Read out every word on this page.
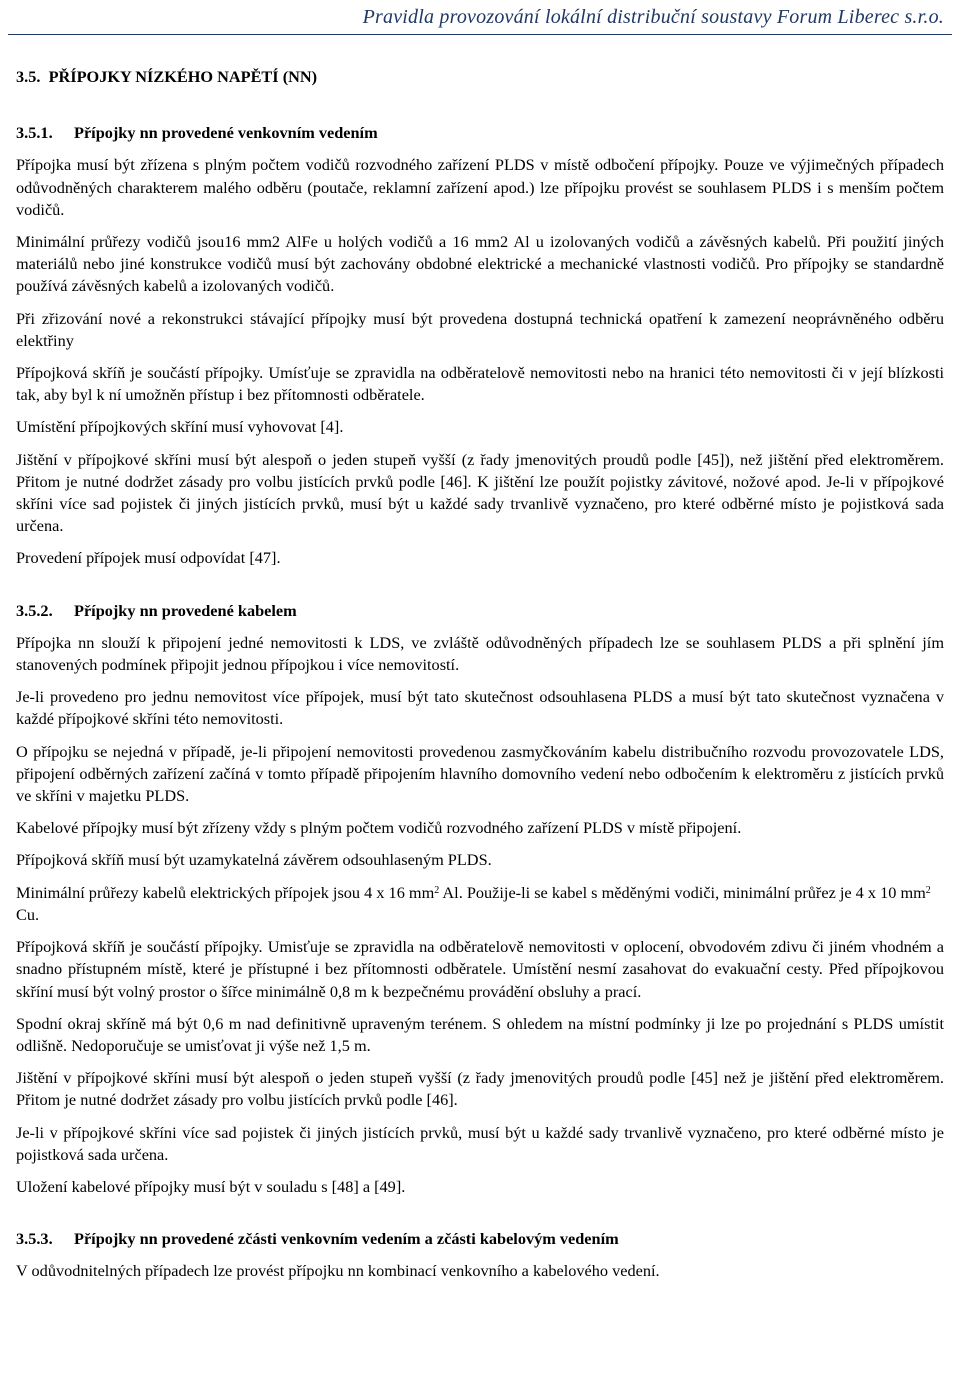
Pravidla provozování lokální distribuční soustavy Forum Liberec s.r.o.
3.5. PŘÍPOJKY NÍZKÉHO NAPĚTÍ (NN)
3.5.1. Přípojky nn provedené venkovním vedením
Přípojka musí být zřízena s plným počtem vodičů rozvodného zařízení PLDS v místě odbočení přípojky. Pouze ve výjimečných případech odůvodněných charakterem malého odběru (poutače, reklamní zařízení apod.) lze přípojku provést se souhlasem PLDS i s menším počtem vodičů.
Minimální průřezy vodičů jsou16 mm2 AlFe u holých vodičů a 16 mm2 Al u izolovaných vodičů a závěsných kabelů. Při použití jiných materiálů nebo jiné konstrukce vodičů musí být zachovány obdobné elektrické a mechanické vlastnosti vodičů. Pro přípojky se standardně používá závěsných kabelů a izolovaných vodičů.
Při zřizování nové a rekonstrukci stávající přípojky musí být provedena dostupná technická opatření k zamezení neoprávněného odběru elektřiny
Přípojková skříň je součástí přípojky. Umísťuje se zpravidla na odběratelově nemovitosti nebo na hranici této nemovitosti či v její blízkosti tak, aby byl k ní umožněn přístup i bez přítomnosti odběratele.
Umístění přípojkových skříní musí vyhovovat [4].
Jištění v přípojkové skříni musí být alespoň o jeden stupeň vyšší (z řady jmenovitých proudů podle [45]), než jištění před elektroměrem. Přitom je nutné dodržet zásady pro volbu jistících prvků podle [46]. K jištění lze použít pojistky závitové, nožové apod. Je-li v přípojkové skříni více sad pojistek či jiných jistících prvků, musí být u každé sady trvanlivě vyznačeno, pro které odběrné místo je pojistková sada určena.
Provedení přípojek musí odpovídat [47].
3.5.2. Přípojky nn provedené kabelem
Přípojka nn slouží k připojení jedné nemovitosti k LDS, ve zvláště odůvodněných případech lze se souhlasem PLDS a při splnění jím stanovených podmínek připojit jednou přípojkou i více nemovitostí.
Je-li provedeno pro jednu nemovitost více přípojek, musí být tato skutečnost odsouhlasena PLDS a musí být tato skutečnost vyznačena v každé přípojkové skříni této nemovitosti.
O přípojku se nejedná v případě, je-li připojení nemovitosti provedenou zasmyčkováním kabelu distribučního rozvodu provozovatele LDS, připojení odběrných zařízení začíná v tomto případě připojením hlavního domovního vedení nebo odbočením k elektroměru z jistících prvků ve skříni v majetku PLDS.
Kabelové přípojky musí být zřízeny vždy s plným počtem vodičů rozvodného zařízení PLDS v místě připojení.
Přípojková skříň musí být uzamykatelná závěrem odsouhlaseným PLDS.
Minimální průřezy kabelů elektrických přípojek jsou 4 x 16 $mm^2$ Al. Použije-li se kabel s měděnými vodiči, minimální průřez je 4 x 10 $mm^2$ Cu.
Přípojková skříň je součástí přípojky. Umisťuje se zpravidla na odběratelově nemovitosti v oplocení, obvodovém zdivu či jiném vhodném a snadno přístupném místě, které je přístupné i bez přítomnosti odběratele. Umístění nesmí zasahovat do evakuační cesty. Před přípojkovou skříní musí být volný prostor o šířce minimálně 0,8 m k bezpečnému provádění obsluhy a prací.
Spodní okraj skříně má být 0,6 m nad definitivně upraveným terénem. S ohledem na místní podmínky ji lze po projednání s PLDS umístit odlišně. Nedoporučuje se umisťovat ji výše než 1,5 m.
Jištění v přípojkové skříni musí být alespoň o jeden stupeň vyšší (z řady jmenovitých proudů podle [45] než je jištění před elektroměrem. Přitom je nutné dodržet zásady pro volbu jistících prvků podle [46].
Je-li v přípojkové skříni více sad pojistek či jiných jistících prvků, musí být u každé sady trvanlivě vyznačeno, pro které odběrné místo je pojistková sada určena.
Uložení kabelové přípojky musí být v souladu s [48] a [49].
3.5.3. Přípojky nn provedené zčásti venkovním vedením a zčásti kabelovým vedením
V odůvodnitelných případech lze provést přípojku nn kombinací venkovního a kabelového vedení.
